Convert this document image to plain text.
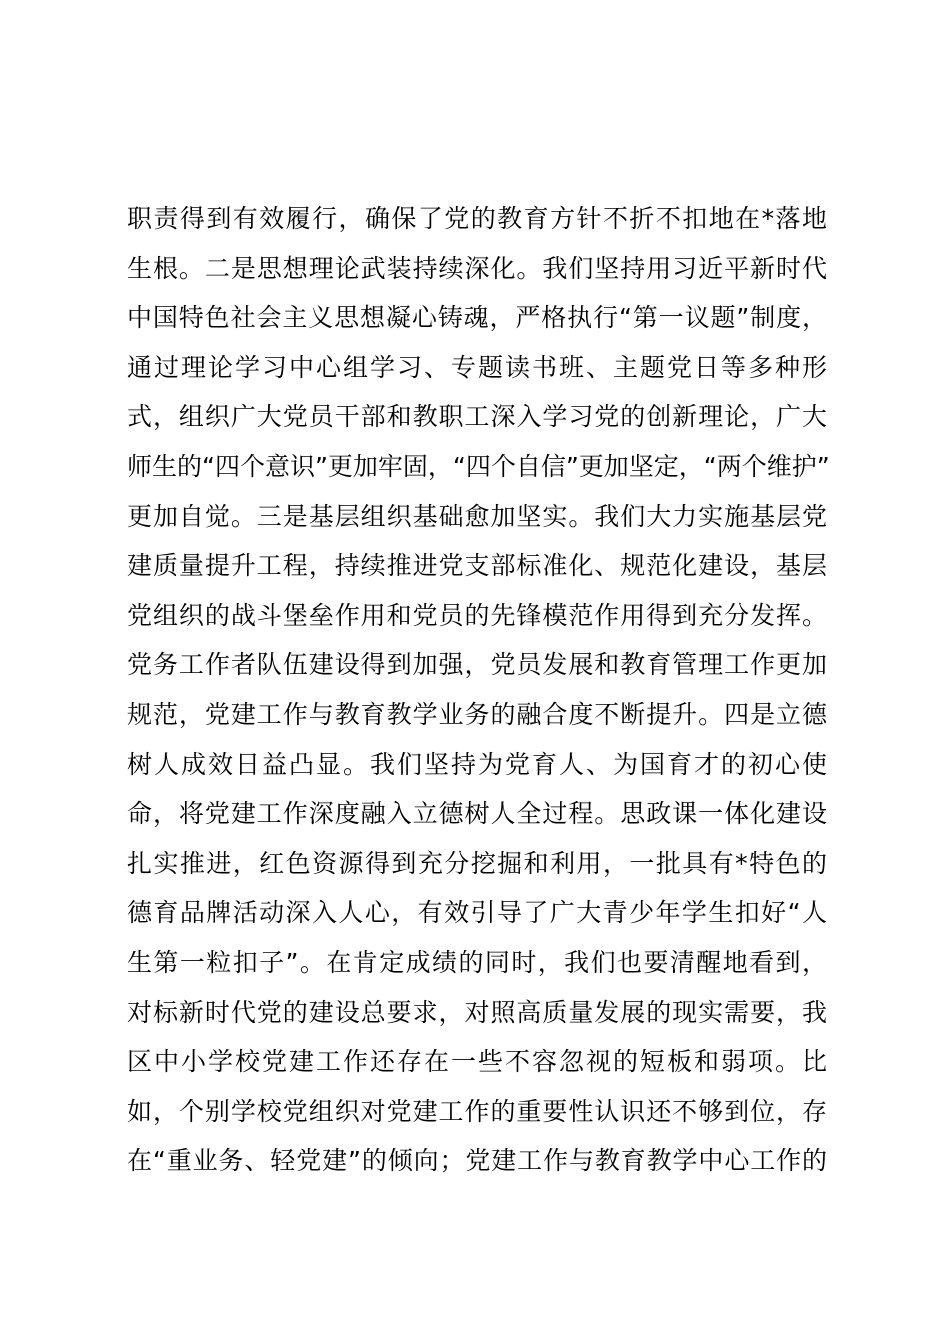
职责得到有效履行，确保了党的教育方针不折不扣地在*落地
生根。二是思想理论武装持续深化。我们坚持用习近平新时代
中国特色社会主义思想凝心铸魂，严格执行“第一议题”制度，
通过理论学习中心组学习、专题读书班、主题党日等多种形
式，组织广大党员干部和教职工深入学习党的创新理论，广大
师生的“四个意识”更加牢固，“四个自信”更加坚定，“两个维护”
更加自觉。三是基层组织基础愈加坚实。我们大力实施基层党
建质量提升工程，持续推进党支部标准化、规范化建设，基层
党组织的战斗堡垒作用和党员的先锋模范作用得到充分发挥。
党务工作者队伍建设得到加强，党员发展和教育管理工作更加
规范，党建工作与教育教学业务的融合度不断提升。四是立德
树人成效日益凸显。我们坚持为党育人、为国育才的初心使
命，将党建工作深度融入立德树人全过程。思政课一体化建设
扎实推进，红色资源得到充分挖掘和利用，一批具有*特色的
德育品牌活动深入人心，有效引导了广大青少年学生扣好“人
生第一粒扣子”。在肯定成绩的同时，我们也要清醒地看到，
对标新时代党的建设总要求，对照高质量发展的现实需要，我
区中小学校党建工作还存在一些不容忽视的短板和弱项。比
如，个别学校党组织对党建工作的重要性认识还不够到位，存
在“重业务、轻党建”的倾向；党建工作与教育教学中心工作的
